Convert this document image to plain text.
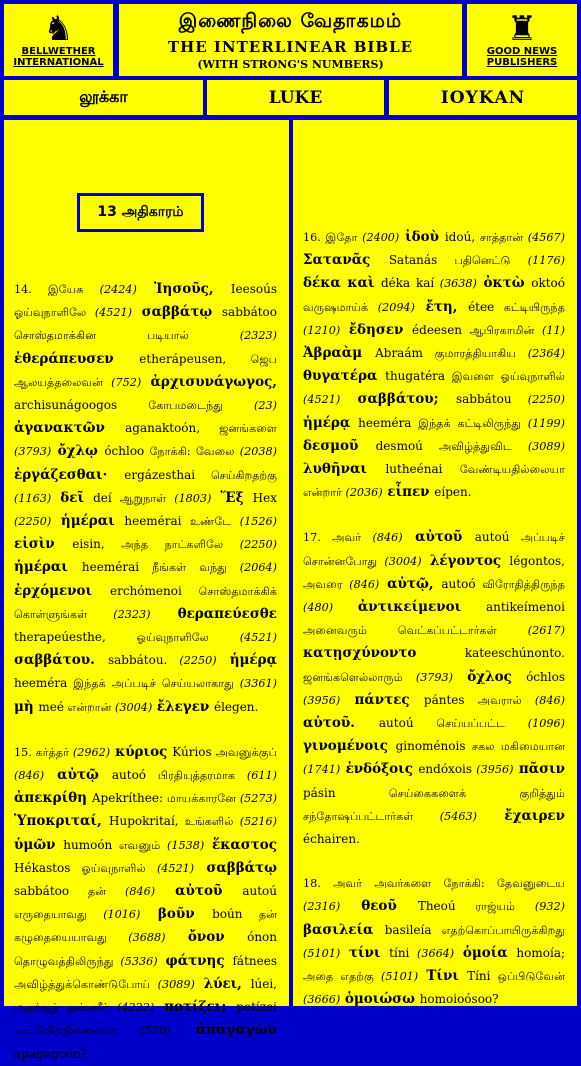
♞
BELLWETHER
INTERNATIONAL
இணைநிலை வேதாகமம்
THE INTERLINEAR BIBLE
(WITH STRONG'S NUMBERS)
♜
GOOD NEWS
PUBLISHERS
லூக்கா	LUKE	ΙΟΥΚΑΝ

14. இயேசு (2424) Ἰησοῦς, Ieesoús ஓய்வுநாளிலே (4521) σαββάτῳ sabbátoo சொஸ்தமாக்கின படியால் (2323) ἐθεράπευσεν etherápeusen, ஜெப ஆலயத்தலைவன் (752) ἀρχισυνάγωγος, archisunágoogos	கோபமடைந்து (23) ἀγανακτῶν aganaktoón, ஜனங்களை (3793) ὄχλῳ óchloo நோக்கி: வேலை (2038) ἐργάζεσθαι· ergázesthai செய்கிறதற்கு (1163) δεῖ deí ஆறுநாள் (1803) Ἕξ Hex (2250) ἡμέραι heemérai உண்டே (1526) εἰσὶν eisin, அந்த நாட்களிலே (2250) ἡμέραι heemérai நீங்கள் வந்து (2064) ἐρχόμενοι erchómenoi சொஸ்தமாக்கிக் கொள்ளுங்கள் (2323) θεραπεύεσθε therapeúesthe,	ஓய்வுநாளிலே (4521) σαββάτου. sabbátou. (2250) ἡμέρᾳ heeméra இந்தக் அப்படிச் செய்யலாகாது (3361) μὴ meé என்றான் (3004) ἔλεγεν élegen.

15. கர்த்தர் (2962) κύριος Kúrios அவனுக்குப் (846) αὐτῷ autoó பிரதியுத்தரமாக (611) ἀπεκρίθη Apekríthee: மாயக்காரனே (5273) Ὑποκριταί, Hupokritaí, உங்களில் (5216) ὑμῶν humoón எவனும் (1538) ἕκαστος Hékastos ஓய்வுநாளில் (4521) σαββάτῳ sabbátoo தன் (846) αὐτοῦ autoú எருதையாவது (1016) βοῦν boún தன் கழுதையையாவது (3688) ὄνον ónon தொழுவத்திலிருந்து (5336) φάτνης fátnees அவிழ்த்துக்கொண்டுபோய் (3089) λύει, lúei, அதற்குத் தண்ணீர் (4222) ποτίζει; potízei காட்டுகிறதில்லையா (520) ἀπαγαγὼν apagagoón?

16. இதோ (2400) ἰδοὺ idoú, சாத்தான் (4567) Σατανᾶς Satanás பதினெட்டு (1176) δέκα καὶ déka kaí (3638) ὀκτὼ oktoó வருஷமாய்க் (2094) ἔτη, étee கட்டியிருந்த (1210) ἔδησεν édeesen ஆபிரகாமின் (11) Ἀβραὰμ Abraám குமாரத்தியாகிய (2364) θυγατέρα thugatéra இவளை ஓய்வுநாளில் (4521) σαββάτου; sabbátou (2250) ἡμέρᾳ heeméra இந்தக் கட்டிலிருந்து (1199) δεσμοῦ desmoú அவிழ்த்துவிட (3089) λυθῆναι lutheénai வேண்டியதில்லையா என்றார் (2036) εἶπεν eípen.

17. அவர் (846) αὐτοῦ autoú அப்படிச் சொன்னபோது (3004) λέγοντος légontos, அவரை (846) αὐτῷ, autoó விரோதித்திருந்த (480) ἀντικείμενοι antikeímenoi அனைவரும் வெட்கப்பட்டார்கள் (2617) κατῃσχύνοντο kateeschúnonto. ஜனங்களெல்லாரும் (3793) ὄχλος óchlos (3956) πάντες pántes அவரால் (846) αὐτοῦ. autoú செய்யப்பட்ட (1096) γινομένοις ginoménois சகல மகிமையான (1741) ἐνδόξοις endóxois (3956) πᾶσιν pásin	செய்கைகளைக் குறித்தும் சந்தோஷப்பட்டார்கள் (5463) ἔχαιρεν échairen.

18. அவர் அவர்களை நோக்கி: தேவனுடைய (2316) θεοῦ Theoú ராஜ்யம் (932) βασιλεία basileía எதற்கொப்பாயிருக்கிறது (5101) τίνι tíni (3664) ὁμοία homoía; அதை எதற்கு (5101) Τίνι Tíni ஒப்பிடுவேன் (3666) ὁμοιώσω homoioósoo?

13 அதிகாரம்
